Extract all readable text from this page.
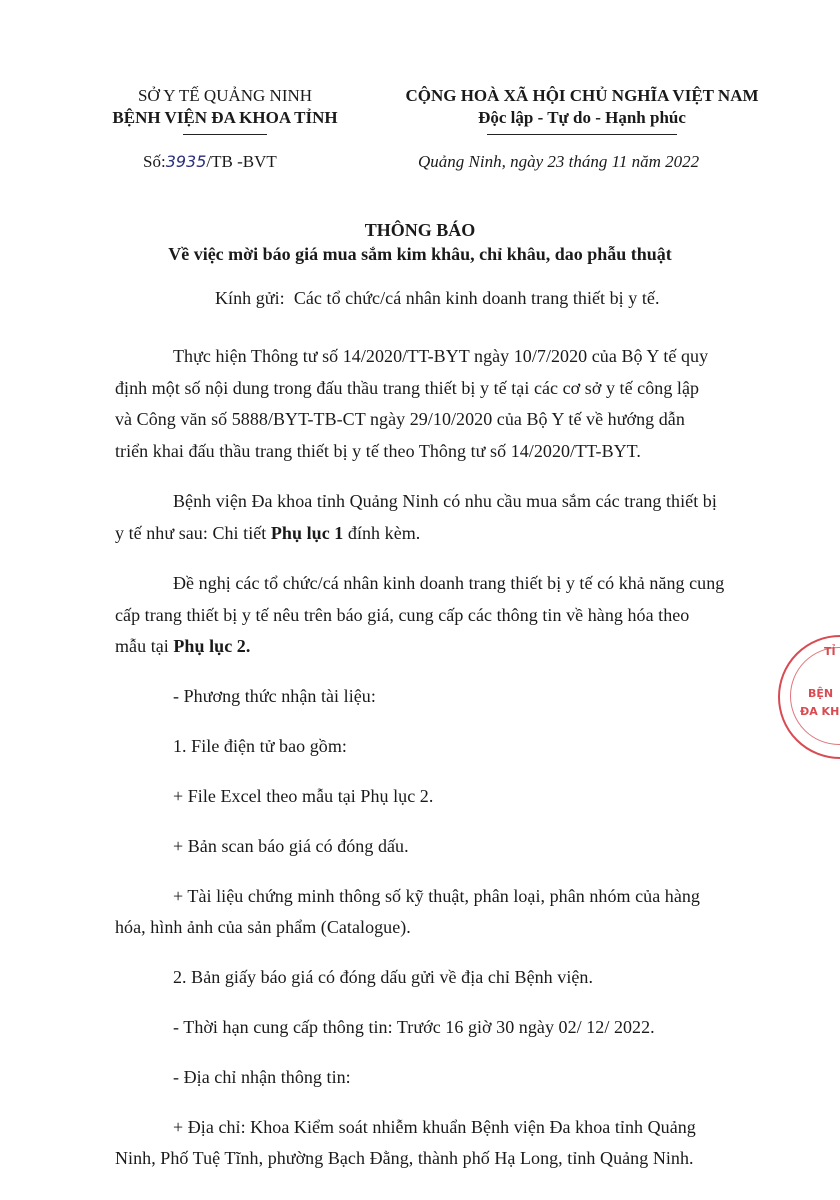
SỞ Y TẾ QUẢNG NINH
BỆNH VIỆN ĐA KHOA TỈNH
Số:3935/TB -BVT
CỘNG HOÀ XÃ HỘI CHỦ NGHĨA VIỆT NAM
Độc lập - Tự do - Hạnh phúc
Quảng Ninh, ngày 23 tháng 11 năm 2022
THÔNG BÁO
Về việc mời báo giá mua sắm kim khâu, chỉ khâu, dao phẫu thuật
Kính gửi: Các tổ chức/cá nhân kinh doanh trang thiết bị y tế.
Thực hiện Thông tư số 14/2020/TT-BYT ngày 10/7/2020 của Bộ Y tế quy
định một số nội dung trong đấu thầu trang thiết bị y tế tại các cơ sở y tế công lập
và Công văn số 5888/BYT-TB-CT ngày 29/10/2020 của Bộ Y tế về hướng dẫn
triển khai đấu thầu trang thiết bị y tế theo Thông tư số 14/2020/TT-BYT.
Bệnh viện Đa khoa tỉnh Quảng Ninh có nhu cầu mua sắm các trang thiết bị
y tế như sau: Chi tiết Phụ lục 1 đính kèm.
Đề nghị các tổ chức/cá nhân kinh doanh trang thiết bị y tế có khả năng cung
cấp trang thiết bị y tế nêu trên báo giá, cung cấp các thông tin về hàng hóa theo
mẫu tại Phụ lục 2.
- Phương thức nhận tài liệu:
1. File điện tử bao gồm:
+ File Excel theo mẫu tại Phụ lục 2.
+ Bản scan báo giá có đóng dấu.
+ Tài liệu chứng minh thông số kỹ thuật, phân loại, phân nhóm của hàng
hóa, hình ảnh của sản phẩm (Catalogue).
2. Bản giấy báo giá có đóng dấu gửi về địa chỉ Bệnh viện.
- Thời hạn cung cấp thông tin: Trước 16 giờ 30 ngày 02/ 12/ 2022.
- Địa chỉ nhận thông tin:
+ Địa chỉ: Khoa Kiểm soát nhiễm khuẩn Bệnh viện Đa khoa tỉnh Quảng
Ninh, Phố Tuệ Tĩnh, phường Bạch Đằng, thành phố Hạ Long, tỉnh Quảng Ninh.
TỈ
BỆN
ĐA KH
